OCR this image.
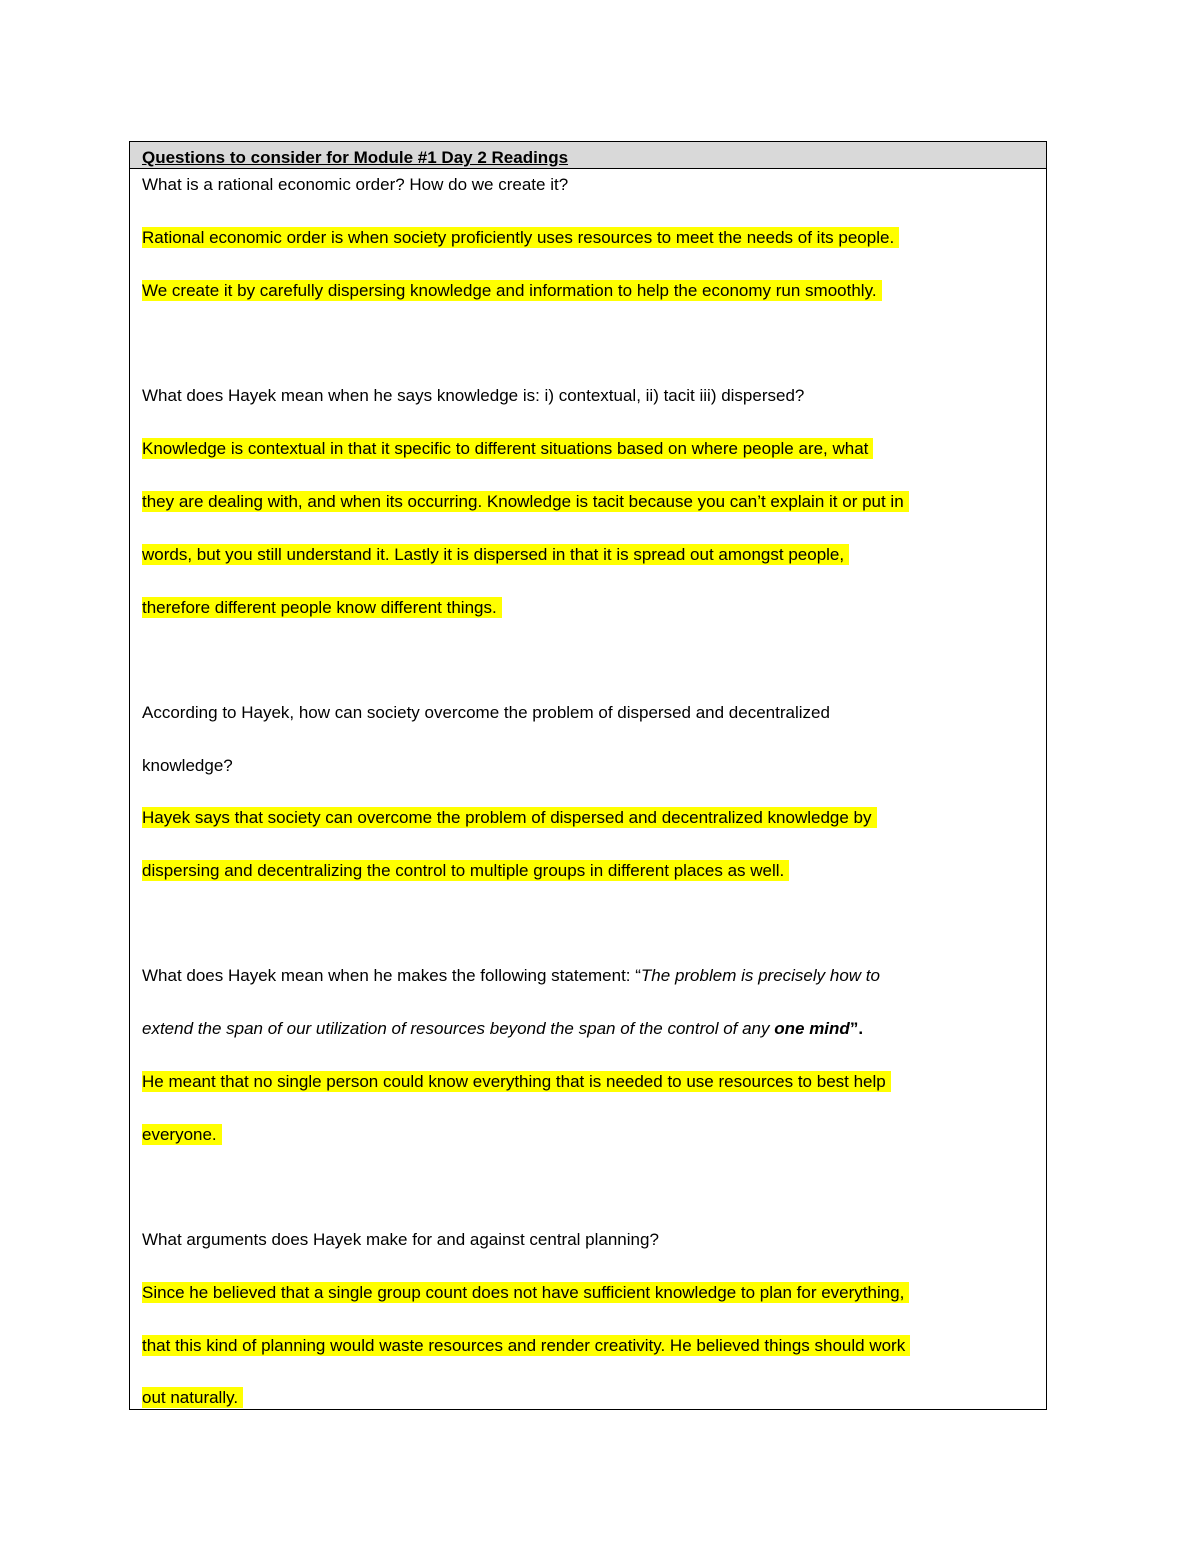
Questions to consider for Module #1 Day 2 Readings
What is a rational economic order? How do we create it?
Rational economic order is when society proficiently uses resources to meet the needs of its people.
We create it by carefully dispersing knowledge and information to help the economy run smoothly.
What does Hayek mean when he says knowledge is: i) contextual, ii) tacit iii) dispersed?
Knowledge is contextual in that it specific to different situations based on where people are, what
they are dealing with, and when its occurring. Knowledge is tacit because you can’t explain it or put in
words, but you still understand it. Lastly it is dispersed in that it is spread out amongst people,
therefore different people know different things.
According to Hayek, how can society overcome the problem of dispersed and decentralized
knowledge?
Hayek says that society can overcome the problem of dispersed and decentralized knowledge by
dispersing and decentralizing the control to multiple groups in different places as well.
What does Hayek mean when he makes the following statement: “The problem is precisely how to
extend the span of our utilization of resources beyond the span of the control of any one mind”.
He meant that no single person could know everything that is needed to use resources to best help
everyone.
What arguments does Hayek make for and against central planning?
Since he believed that a single group count does not have sufficient knowledge to plan for everything,
that this kind of planning would waste resources and render creativity. He believed things should work
out naturally.
